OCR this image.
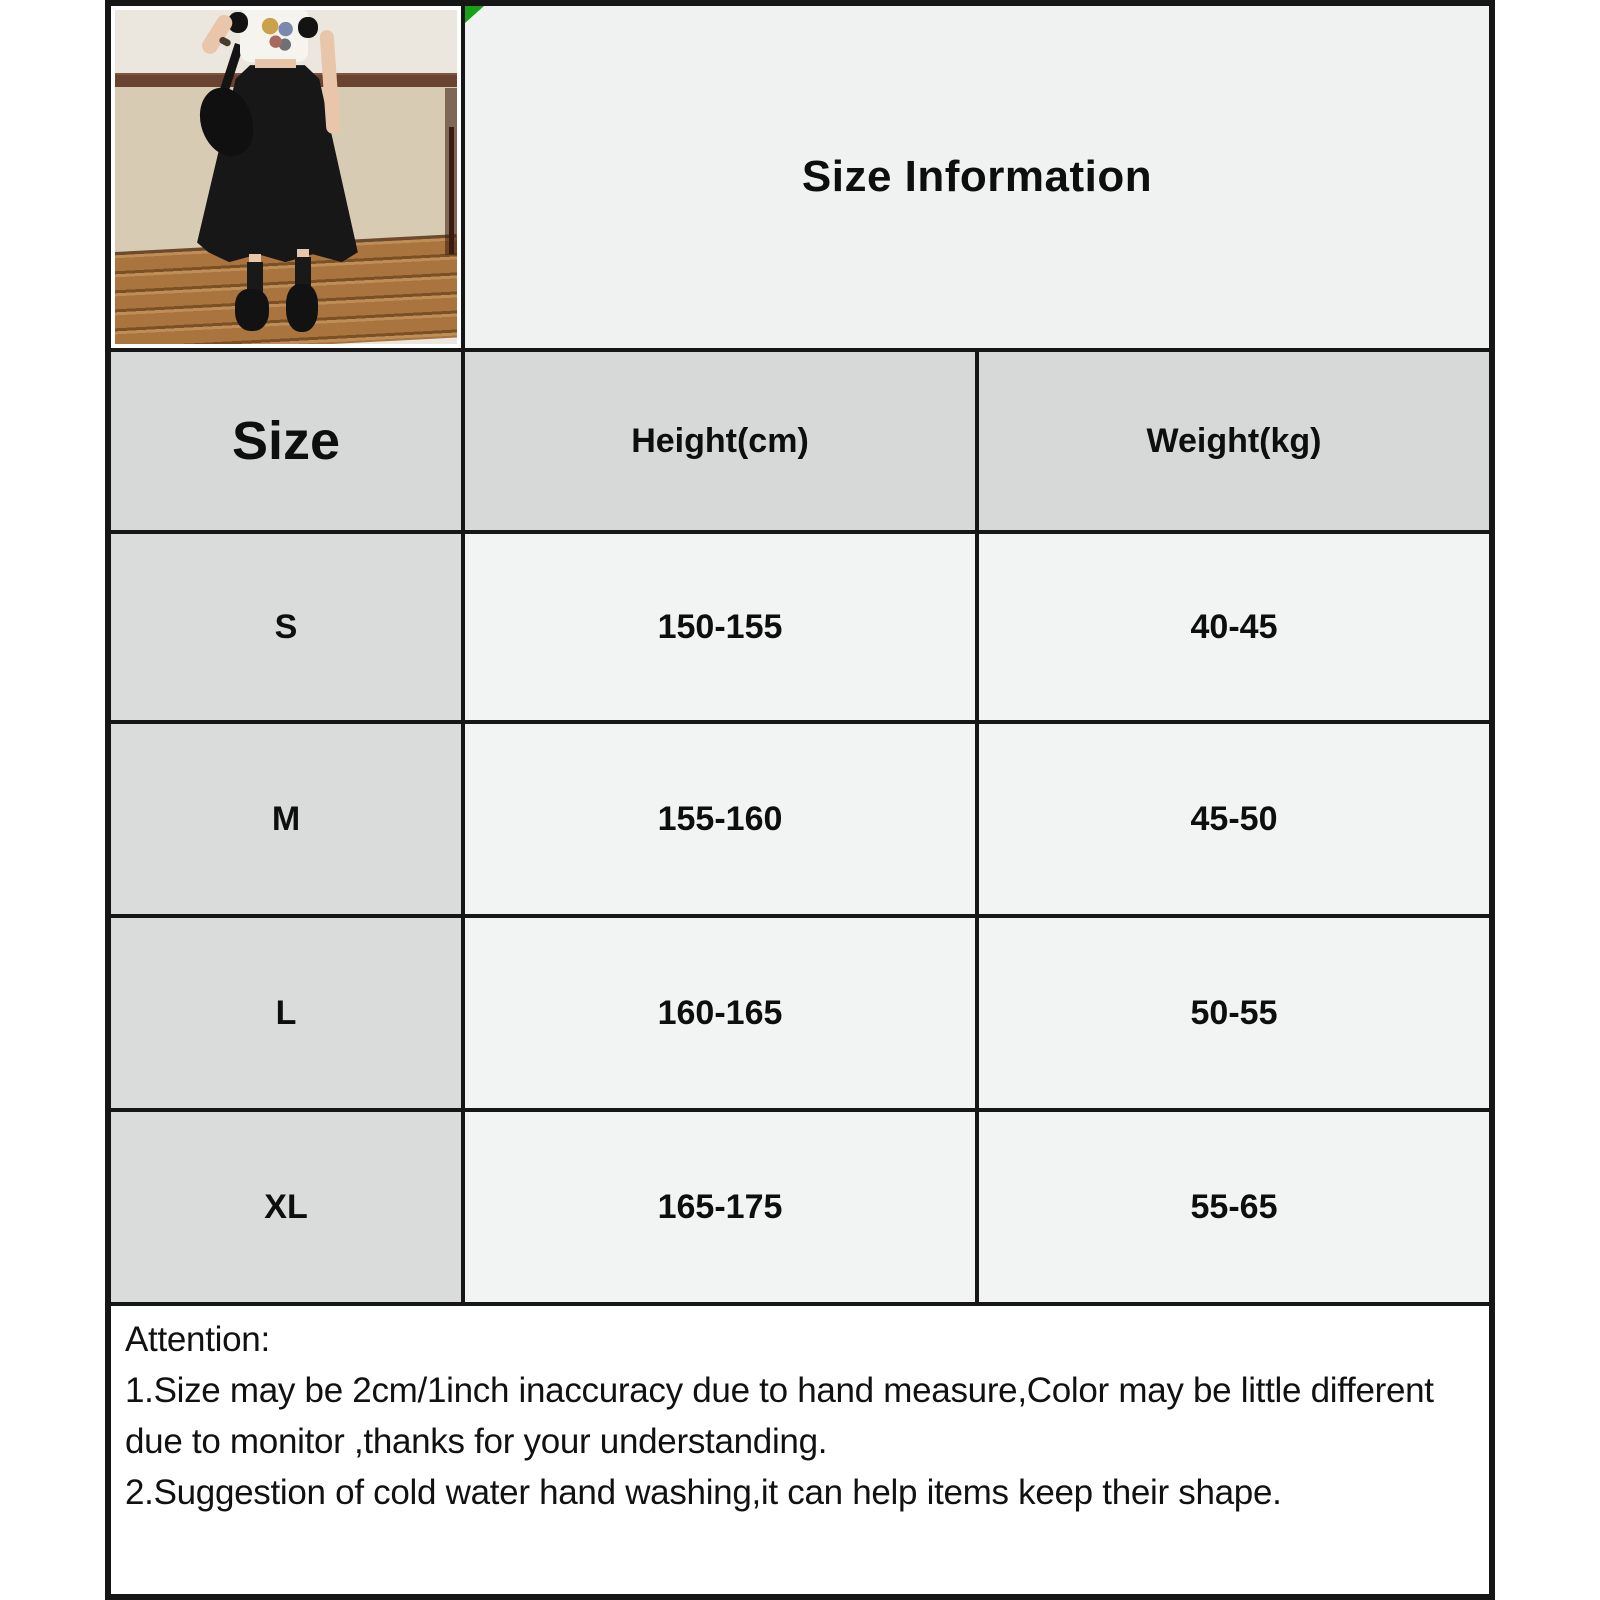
Size Information
Size	Height(cm)	Weight(kg)
S	150-155	40-45
M	155-160	45-50
L	160-165	50-55
XL	165-175	55-65
Attention:
1.Size may be 2cm/1inch inaccuracy due to hand measure,Color may be little different due to monitor ,thanks for your understanding.
2.Suggestion of cold water hand washing,it can help items keep their shape.
